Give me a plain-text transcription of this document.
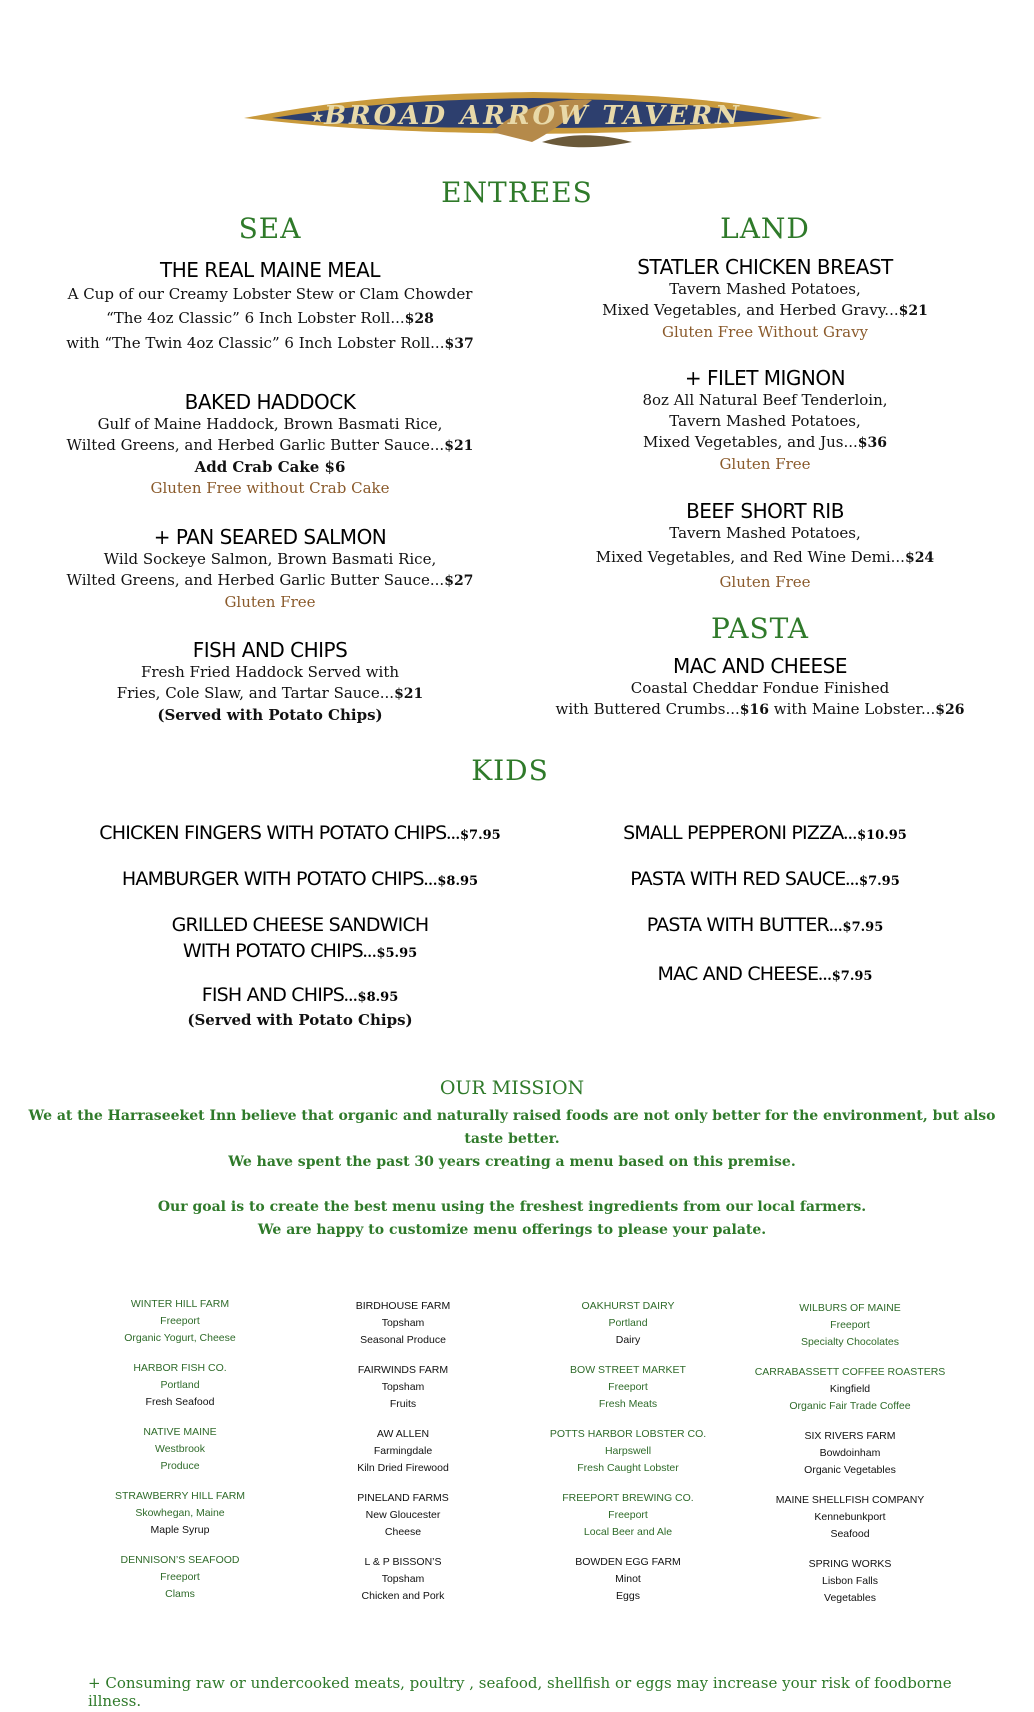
BROAD ARROW TAVERN
★
ENTREES
SEA
THE REAL MAINE MEAL
A Cup of our Creamy Lobster Stew or Clam Chowder
“The 4oz Classic” 6 Inch Lobster Roll...$28
with “The Twin 4oz Classic” 6 Inch Lobster Roll...$37
BAKED HADDOCK
Gulf of Maine Haddock, Brown Basmati Rice,
Wilted Greens, and Herbed Garlic Butter Sauce...$21
Add Crab Cake $6
Gluten Free without Crab Cake
+ PAN SEARED SALMON
Wild Sockeye Salmon, Brown Basmati Rice,
Wilted Greens, and Herbed Garlic Butter Sauce...$27
Gluten Free
FISH AND CHIPS
Fresh Fried Haddock Served with
Fries, Cole Slaw, and Tartar Sauce...$21
(Served with Potato Chips)
LAND
STATLER CHICKEN BREAST
Tavern Mashed Potatoes,
Mixed Vegetables, and Herbed Gravy...$21
Gluten Free Without Gravy
+ FILET MIGNON
8oz All Natural Beef Tenderloin,
Tavern Mashed Potatoes,
Mixed Vegetables, and Jus...$36
Gluten Free
BEEF SHORT RIB
Tavern Mashed Potatoes,
Mixed Vegetables, and Red Wine Demi...$24
Gluten Free
PASTA
MAC AND CHEESE
Coastal Cheddar Fondue Finished
with Buttered Crumbs...$16 with Maine Lobster...$26
KIDS
CHICKEN FINGERS WITH POTATO CHIPS...$7.95
HAMBURGER WITH POTATO CHIPS...$8.95
GRILLED CHEESE SANDWICH
WITH POTATO CHIPS...$5.95
FISH AND CHIPS...$8.95
(Served with Potato Chips)
SMALL PEPPERONI PIZZA...$10.95
PASTA WITH RED SAUCE...$7.95
PASTA WITH BUTTER...$7.95
MAC AND CHEESE...$7.95
OUR MISSION
We at the Harraseeket Inn believe that organic and naturally raised foods are not only better for the environment, but also taste better.
We have spent the past 30 years creating a menu based on this premise.
Our goal is to create the best menu using the freshest ingredients from our local farmers.
We are happy to customize menu offerings to please your palate.
WINTER HILL FARM
Freeport
Organic Yogurt, Cheese
HARBOR FISH CO.
Portland
Fresh Seafood
NATIVE MAINE
Westbrook
Produce
STRAWBERRY HILL FARM
Skowhegan, Maine
Maple Syrup
DENNISON’S SEAFOOD
Freeport
Clams
BIRDHOUSE FARM
Topsham
Seasonal Produce
FAIRWINDS FARM
Topsham
Fruits
AW ALLEN
Farmingdale
Kiln Dried Firewood
PINELAND FARMS
New Gloucester
Cheese
L & P BISSON’S
Topsham
Chicken and Pork
OAKHURST DAIRY
Portland
Dairy
BOW STREET MARKET
Freeport
Fresh Meats
POTTS HARBOR LOBSTER CO.
Harpswell
Fresh Caught Lobster
FREEPORT BREWING CO.
Freeport
Local Beer and Ale
BOWDEN EGG FARM
Minot
Eggs
WILBURS OF MAINE
Freeport
Specialty Chocolates
CARRABASSETT COFFEE ROASTERS
Kingfield
Organic Fair Trade Coffee
SIX RIVERS FARM
Bowdoinham
Organic Vegetables
MAINE SHELLFISH COMPANY
Kennebunkport
Seafood
SPRING WORKS
Lisbon Falls
Vegetables
+ Consuming raw or undercooked meats, poultry , seafood, shellfish or eggs may increase your risk of foodborne illness.
